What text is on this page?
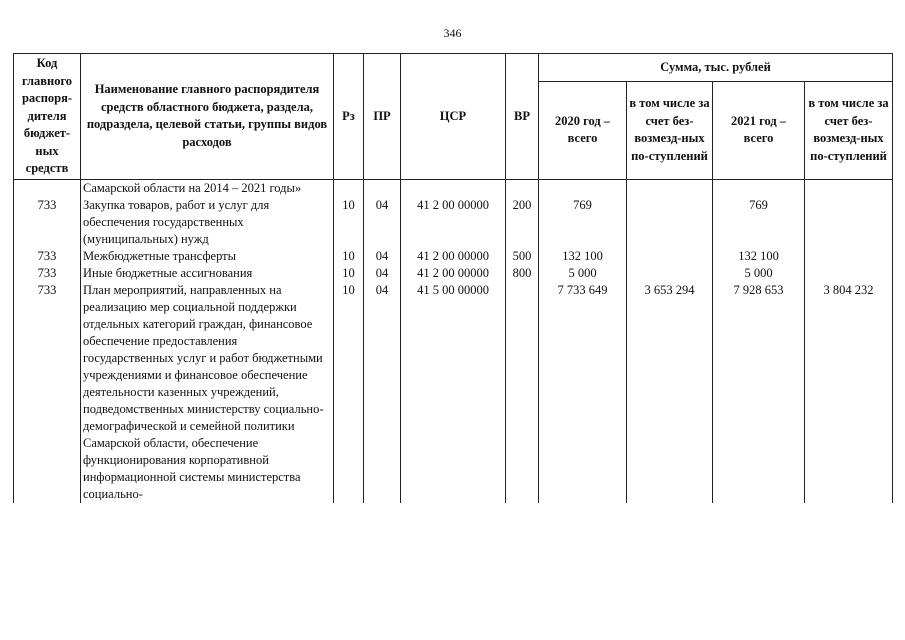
346
Код главного распоря-дителя бюджет-ных средств	Наименование главного распорядителя средств областного бюджета, раздела, подраздела, целевой статьи, группы видов расходов	Рз	ПР	ЦСР	ВР	Сумма, тыс. рублей			
						2020 год – всего	в том числе за счет без-возмезд-ных по-ступлений	2021 год – всего	в том числе за счет без-возмезд-ных по-ступлений
	Самарской области на 2014 – 2021 годы»								
733	Закупка товаров, работ и услуг для обеспечения государственных (муниципальных) нужд	10	04	41 2 00 00000	200	769		769	
733	Межбюджетные трансферты	10	04	41 2 00 00000	500	132 100		132 100	
733	Иные бюджетные ассигнования	10	04	41 2 00 00000	800	5 000		5 000	
733	План мероприятий, направленных на реализацию мер социальной поддержки отдельных категорий граждан, финансовое обеспечение предоставления государственных услуг и работ бюджетными учреждениями и финансовое обеспечение деятельности казенных учреждений, подведомственных министерству социально-демографической и семейной политики Самарской области, обеспечение функционирования корпоративной информационной системы министерства социально-	10	04	41 5 00 00000		7 733 649	3 653 294	7 928 653	3 804 232
